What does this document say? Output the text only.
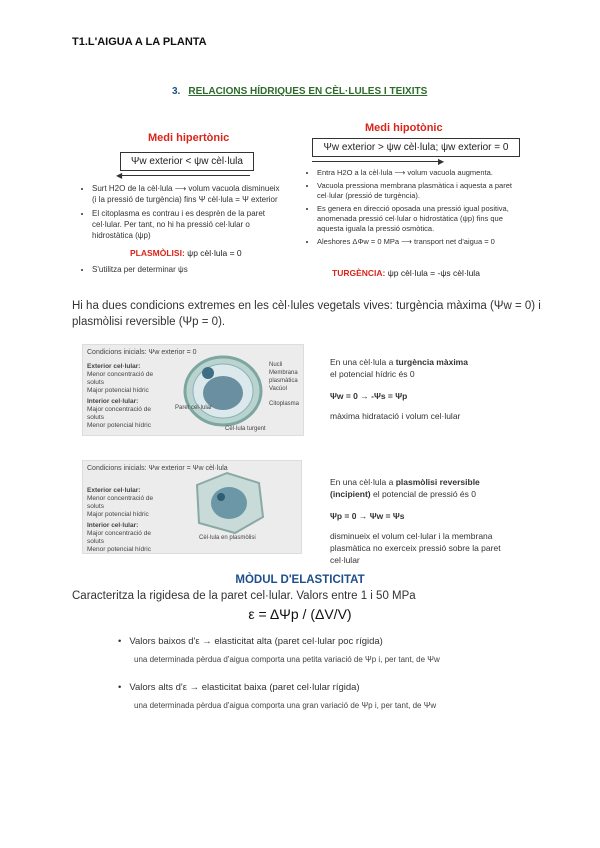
T1.L'AIGUA A LA PLANTA
3. RELACIONS HÍDRIQUES EN CÈL·LULES I TEIXITS
Medi hipertònic
Ψw exterior < ψw cèl·lula
◀
• Surt H2O de la cèl·lula ⟶ volum vacuola disminueix (i la pressió de turgència) fins Ψ cèl·lula = Ψ exterior
• El citoplasma es contrau i es desprèn de la paret cel·lular. Per tant, no hi ha pressió cel·lular o hidrostàtica (ψp)
PLASMÒLISI: ψp cèl·lula = 0
• S'utilitza per determinar ψs
Medi hipotònic
Ψw exterior > ψw cèl·lula; ψw exterior = 0
▶
• Entra H2O a la cèl·lula ⟶ volum vacuola augmenta.
• Vacuola pressiona membrana plasmàtica i aquesta a paret cel·lular (pressió de turgència).
• Es genera en direcció oposada una pressió igual positiva, anomenada pressió cel·lular o hidrostàtica (ψp) fins que aquesta iguala la pressió osmòtica.
• Aleshores ΔΦw = 0 MPa ⟶ transport net d'aigua = 0
TURGÈNCIA: ψp cèl·lula = -ψs cèl·lula
Hi ha dues condicions extremes en les cèl·lules vegetals vives: turgència màxima (Ψw = 0) i plasmòlisi reversible (Ψp = 0).
Condicions inicials: Ψw exterior = 0
Exterior cel·lular:
Menor concentració de soluts
Major potencial hídric
Interior cel·lular:
Major concentració de soluts
Menor potencial hídric
Nucli
Membrana plasmàtica
Vacúol
Paret cel·lular
Citoplasma
Cèl·lula turgent
En una cèl·lula a turgència màxima
el potencial hídric és 0
Ψw = 0 → -Ψs = Ψp
màxima hidratació i volum cel·lular
Condicions inicials: Ψw exterior = Ψw cèl·lula
Exterior cel·lular:
Menor concentració de soluts
Major potencial hídric
Interior cel·lular:
Major concentració de soluts
Menor potencial hídric
Cèl·lula en plasmòlisi
En una cèl·lula a plasmòlisi reversible
(incipient) el potencial de pressió és 0
Ψp = 0 → Ψw = Ψs
disminueix el volum cel·lular i la membrana plasmàtica no exerceix pressió sobre la paret cel·lular
MÒDUL D'ELASTICITAT
Caracteritza la rigidesa de la paret cel·lular. Valors entre 1 i 50 MPa
ε = ΔΨp / (ΔV/V)
• Valors baixos d'ε → elasticitat alta (paret cel·lular poc rígida)
una determinada pèrdua d'aigua comporta una petita variació de Ψp i, per tant, de Ψw
• Valors alts d'ε → elasticitat baixa (paret cel·lular rígida)
una determinada pèrdua d'aigua comporta una gran variació de Ψp i, per tant, de Ψw
